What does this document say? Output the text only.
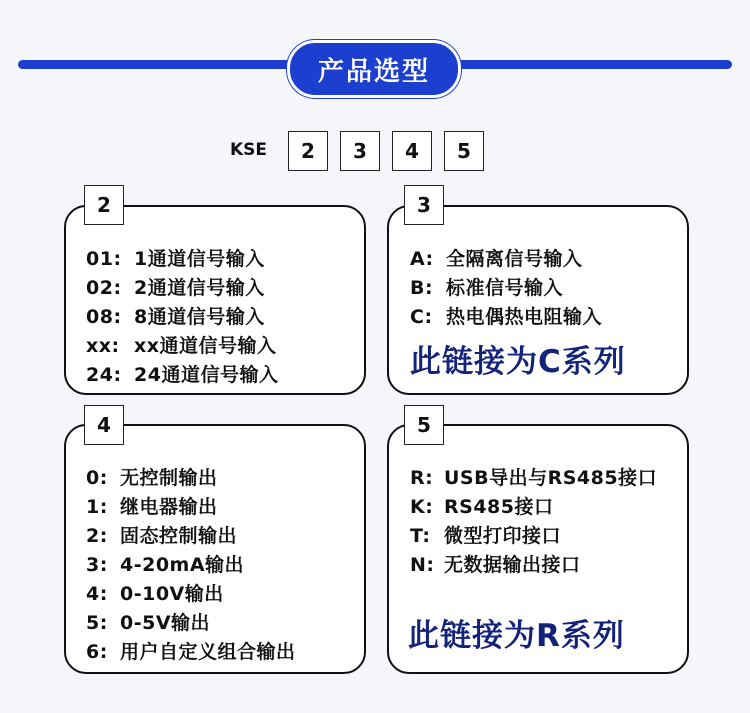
产品选型
KSE	2	3	4	5
2
01: 1通道信号输入
02: 2通道信号输入
08: 8通道信号输入
xx: xx通道信号输入
24: 24通道信号输入
3
A: 全隔离信号输入
B: 标准信号输入
C: 热电偶热电阻输入
此链接为C系列
4
0: 无控制输出
1: 继电器输出
2: 固态控制输出
3: 4-20mA输出
4: 0-10V输出
5: 0-5V输出
6: 用户自定义组合输出
5
R: USB导出与RS485接口
K: RS485接口
T: 微型打印接口
N: 无数据输出接口
此链接为R系列
